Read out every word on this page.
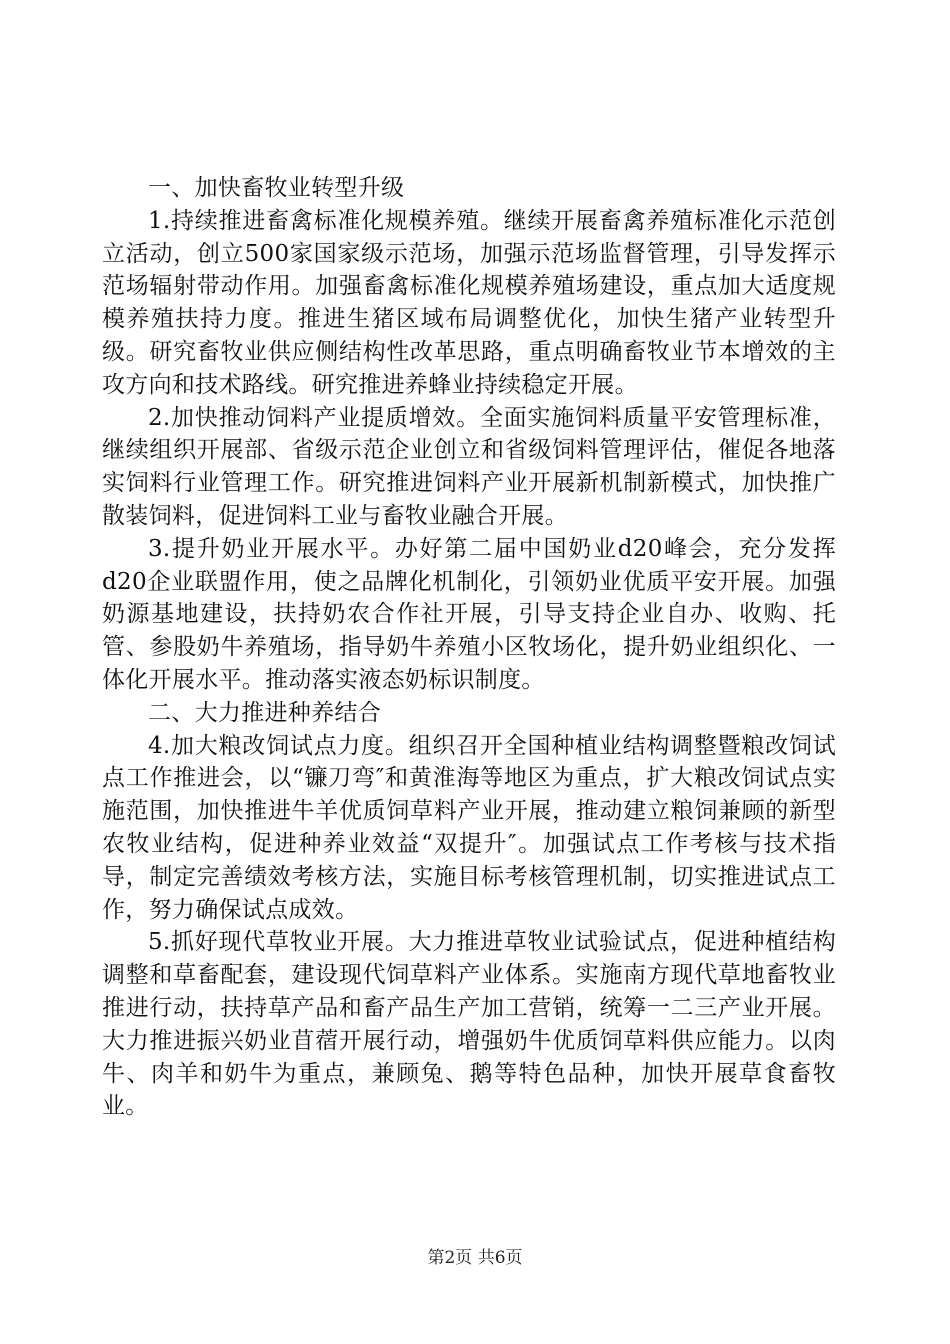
一、加快畜牧业转型升级

1.持续推进畜禽标准化规模养殖。继续开展畜禽养殖标准化示范创立活动，创立500家国家级示范场，加强示范场监督管理，引导发挥示范场辐射带动作用。加强畜禽标准化规模养殖场建设，重点加大适度规模养殖扶持力度。推进生猪区域布局调整优化，加快生猪产业转型升级。研究畜牧业供应侧结构性改革思路，重点明确畜牧业节本增效的主攻方向和技术路线。研究推进养蜂业持续稳定开展。

2.加快推动饲料产业提质增效。全面实施饲料质量平安管理标准，继续组织开展部、省级示范企业创立和省级饲料管理评估，催促各地落实饲料行业管理工作。研究推进饲料产业开展新机制新模式，加快推广散装饲料，促进饲料工业与畜牧业融合开展。

3.提升奶业开展水平。办好第二届中国奶业d20峰会，充分发挥d20企业联盟作用，使之品牌化机制化，引领奶业优质平安开展。加强奶源基地建设，扶持奶农合作社开展，引导支持企业自办、收购、托管、参股奶牛养殖场，指导奶牛养殖小区牧场化，提升奶业组织化、一体化开展水平。推动落实液态奶标识制度。

二、大力推进种养结合

4.加大粮改饲试点力度。组织召开全国种植业结构调整暨粮改饲试点工作推进会，以“镰刀弯″和黄淮海等地区为重点，扩大粮改饲试点实施范围，加快推进牛羊优质饲草料产业开展，推动建立粮饲兼顾的新型农牧业结构，促进种养业效益“双提升″。加强试点工作考核与技术指导，制定完善绩效考核方法，实施目标考核管理机制，切实推进试点工作，努力确保试点成效。

5.抓好现代草牧业开展。大力推进草牧业试验试点，促进种植结构调整和草畜配套，建设现代饲草料产业体系。实施南方现代草地畜牧业推进行动，扶持草产品和畜产品生产加工营销，统筹一二三产业开展。大力推进振兴奶业苜蓿开展行动，增强奶牛优质饲草料供应能力。以肉牛、肉羊和奶牛为重点，兼顾兔、鹅等特色品种，加快开展草食畜牧业。

第2页 共6页
